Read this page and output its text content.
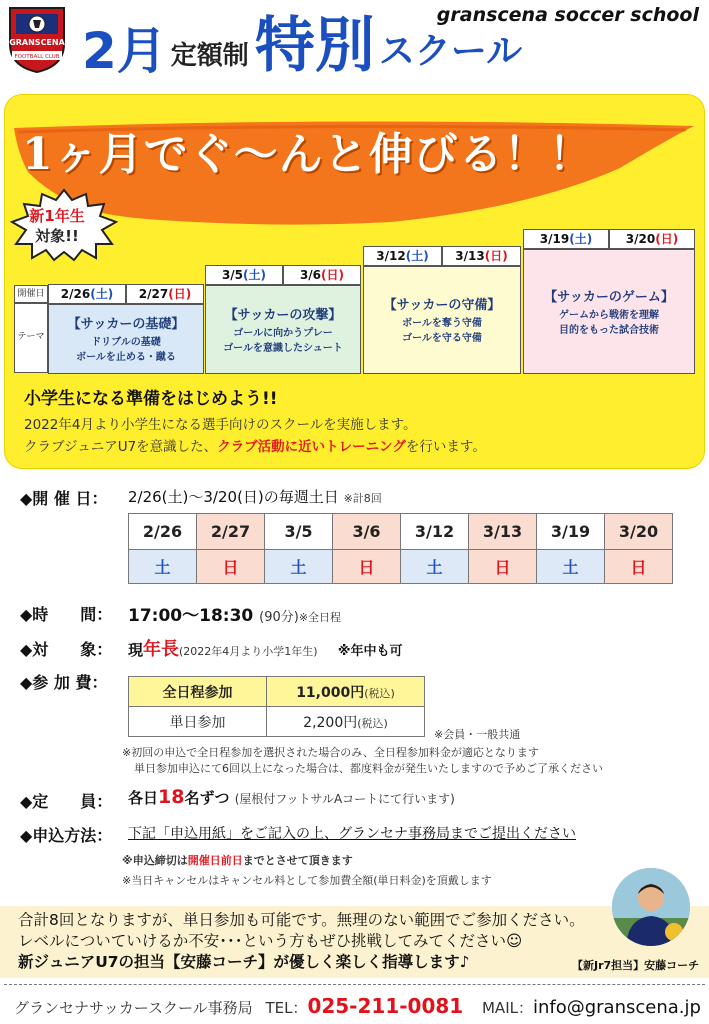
GRANSCENA
FOOTBALL CLUB 2月 定額制 特別 スクール
granscena soccer school
1ヶ月でぐ～んと伸びる！！
新1年生
対象!!
開催日
テーマ
2/26(土)	2/27(日)
【サッカーの基礎】
ドリブルの基礎
ボールを止める・蹴る
3/5(土)	3/6(日)
【サッカーの攻撃】
ゴールに向かうプレー
ゴールを意識したシュート
3/12(土)	3/13(日)
【サッカーの守備】
ボールを奪う守備
ゴールを守る守備
3/19(土)	3/20(日)
【サッカーのゲーム】
ゲームから戦術を理解
目的をもった試合技術
小学生になる準備をはじめよう!!
2022年4月より小学生になる選手向けのスクールを実施します。
クラブジュニアU7を意識した、クラブ活動に近いトレーニングを行います。
◆開 催 日： 2/26(土)～3/20(日)の毎週土日 ※計8回
2/26	2/27	3/5	3/6	3/12	3/13	3/19	3/20
土	日	土	日	土	日	土	日
◆時　　間： 17:00～18:30 (90分)※全日程
◆対　　象： 現年長(2022年4月より小学1年生)　 ※年中も可
◆参 加 費：
全日程参加	11,000円(税込)
単日参加	2,200円(税込)
※会員・一般共通
※初回の申込で全日程参加を選択された場合のみ、全日程参加料金が適応となります
単日参加申込にて6回以上になった場合は、都度料金が発生いたしますので予めご了承ください
◆定　　員： 各日18名ずつ (屋根付フットサルAコートにて行います)
◆申込方法： 下記「申込用紙」をご記入の上、グランセナ事務局までご提出ください
※申込締切は開催日前日までとさせて頂きます
※当日キャンセルはキャンセル料として参加費全額(単日料金)を頂戴します
合計8回となりますが、単日参加も可能です。無理のない範囲でご参加ください。
レベルについていけるか不安･･･という方もぜひ挑戦してみてください☺
新ジュニアU7の担当【安藤コーチ】が優しく楽しく指導します♪	【新Jr7担当】安藤コーチ
グランセナサッカースクール事務局 TEL：025-211-0081 MAIL：info@granscena.jp
